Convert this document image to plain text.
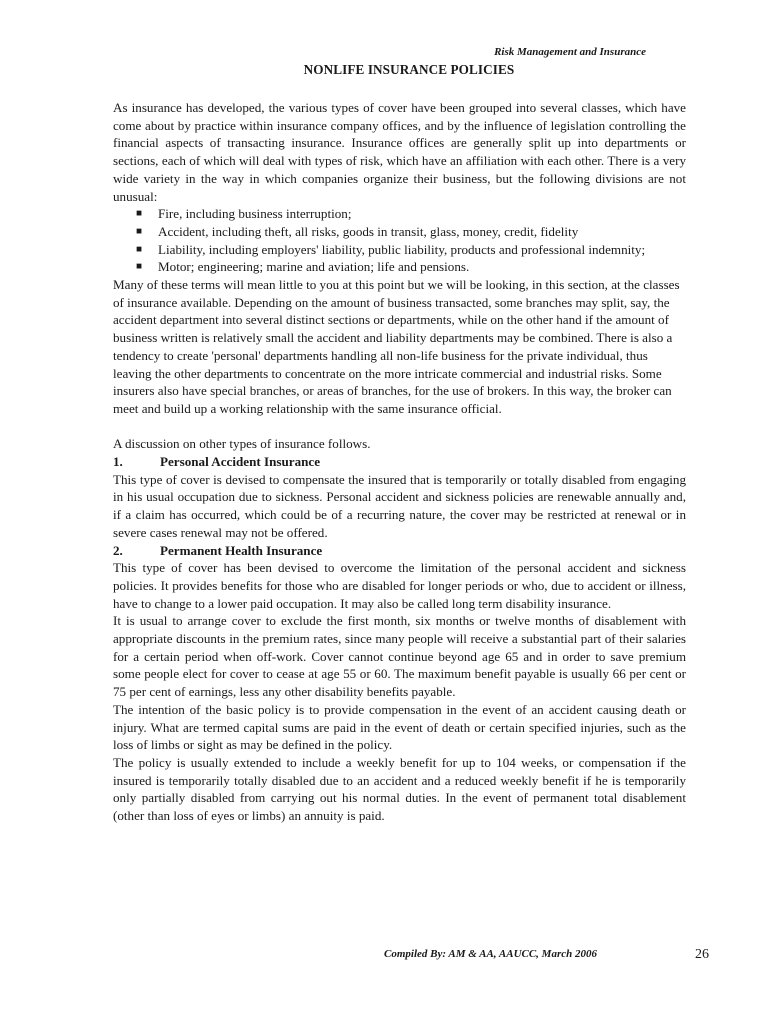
Risk Management and Insurance
NONLIFE INSURANCE POLICIES

As insurance has developed, the various types of cover have been grouped into several classes, which have come about by practice within insurance company offices, and by the influence of legislation controlling the financial aspects of transacting insurance. Insurance offices are generally split up into departments or sections, each of which will deal with types of risk, which have an affiliation with each other. There is a very wide variety in the way in which companies organize their business, but the following divisions are not unusual:

■ Fire, including business interruption;
■ Accident, including theft, all risks, goods in transit, glass, money, credit, fidelity
■ Liability, including employers' liability, public liability, products and professional indemnity;
■ Motor; engineering; marine and aviation; life and pensions.

Many of these terms will mean little to you at this point but we will be looking, in this section, at the classes of insurance available. Depending on the amount of business transacted, some branches may split, say, the accident department into several distinct sections or departments, while on the other hand if the amount of business written is relatively small the accident and liability departments may be combined. There is also a tendency to create 'personal' departments handling all non-life business for the private individual, thus leaving the other departments to concentrate on the more intricate commercial and industrial risks. Some insurers also have special branches, or areas of branches, for the use of brokers. In this way, the broker can meet and build up a working relationship with the same insurance official.

A discussion on other types of insurance follows.

1.	Personal Accident Insurance

This type of cover is devised to compensate the insured that is temporarily or totally disabled from engaging in his usual occupation due to sickness. Personal accident and sickness policies are renewable annually and, if a claim has occurred, which could be of a recurring nature, the cover may be restricted at renewal or in severe cases renewal may not be offered.

2.	Permanent Health Insurance

This type of cover has been devised to overcome the limitation of the personal accident and sickness policies. It provides benefits for those who are disabled for longer periods or who, due to accident or illness, have to change to a lower paid occupation. It may also be called long term disability insurance.

It is usual to arrange cover to exclude the first month, six months or twelve months of disablement with appropriate discounts in the premium rates, since many people will receive a substantial part of their salaries for a certain period when off-work. Cover cannot continue beyond age 65 and in order to save premium some people elect for cover to cease at age 55 or 60. The maximum benefit payable is usually 66 per cent or 75 per cent of earnings, less any other disability benefits payable.

The intention of the basic policy is to provide compensation in the event of an accident causing death or injury. What are termed capital sums are paid in the event of death or certain specified injuries, such as the loss of limbs or sight as may be defined in the policy.

The policy is usually extended to include a weekly benefit for up to 104 weeks, or compensation if the insured is temporarily totally disabled due to an accident and a reduced weekly benefit if he is temporarily only partially disabled from carrying out his normal duties. In the event of permanent total disablement (other than loss of eyes or limbs) an annuity is paid.

Compiled By: AM & AA, AAUCC, March 2006	26
